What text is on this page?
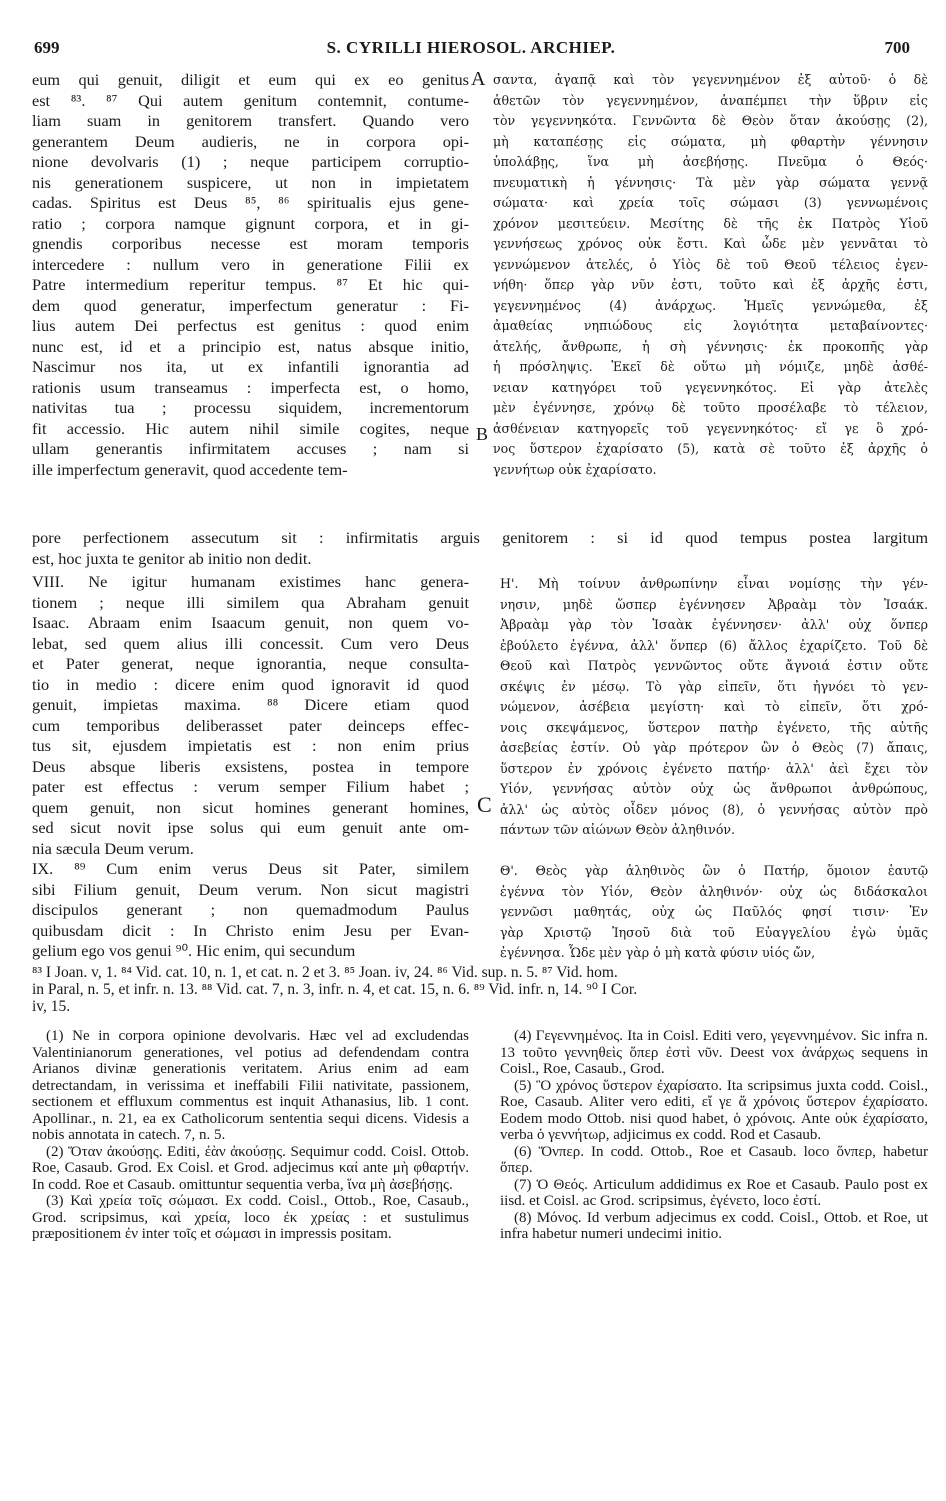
699	S. CYRILLI HIEROSOL. ARCHIEP.	700
eum qui genuit, diligit et eum qui ex eo genitus
est ⁸³. ⁸⁷ Qui autem genitum contemnit, contume-
liam suam in genitorem transfert. Quando vero
generantem Deum audieris, ne in corpora opi-
nione devolvaris (1) ; neque participem corruptio-
nis generationem suspicere, ut non in impietatem
cadas. Spiritus est Deus ⁸⁵, ⁸⁶ spiritualis ejus gene-
ratio ; corpora namque gignunt corpora, et in gi-
gnendis corporibus necesse est moram temporis
intercedere : nullum vero in generatione Filii ex
Patre intermedium reperitur tempus. ⁸⁷ Et hic qui-
dem quod generatur, imperfectum generatur : Fi-
lius autem Dei perfectus est genitus : quod enim
nunc est, id et a principio est, natus absque initio,
Nascimur nos ita, ut ex infantili ignorantia ad
rationis usum transeamus : imperfecta est, o homo,
nativitas tua ; processu siquidem, incrementorum
fit accessio. Hic autem nihil simile cogites, neque
ullam generantis infirmitatem accuses ; nam si
ille imperfectum generavit, quod accedente tem-
A σαντα, ἀγαπᾷ καὶ τὸν γεγεννημένον ἐξ αὐτοῦ· ὁ δὲ
ἀθετῶν τὸν γεγεννημένον, ἀναπέμπει τὴν ὕβριν εἰς
τὸν γεγεννηκότα. Γεννῶντα δὲ Θεὸν ὅταν ἀκούσῃς (2),
μὴ καταπέσῃς εἰς σώματα, μὴ φθαρτὴν γέννησιν
ὑπολάβῃς, ἵνα μὴ ἀσεβήσῃς. Πνεῦμα ὁ Θεός·
πνευματικὴ ἡ γέννησις· Τὰ μὲν γὰρ σώματα γεννᾷ
σώματα· καὶ χρεία τοῖς σώμασι (3) γεννωμένοις
χρόνον μεσιτεύειν. Μεσίτης δὲ τῆς ἐκ Πατρὸς Υἱοῦ
γεννήσεως χρόνος οὐκ ἔστι. Καὶ ὧδε μὲν γεννᾶται τὸ
γεννώμενον ἀτελές, ὁ Υἱὸς δὲ τοῦ Θεοῦ τέλειος ἐγεν-
νήθη· ὅπερ γὰρ νῦν ἐστι, τοῦτο καὶ ἐξ ἀρχῆς ἐστι,
γεγεννημένος (4) ἀνάρχως. Ἡμεῖς γεννώμεθα, ἐξ
ἀμαθείας νηπιώδους εἰς λογιότητα μεταβαίνοντες·
ἀτελής, ἄνθρωπε, ἡ σὴ γέννησις· ἐκ προκοπῆς γὰρ
ἡ πρόσληψις. Ἐκεῖ δὲ οὕτω μὴ νόμιζε, μηδὲ ἀσθέ-
νειαν κατηγόρει τοῦ γεγεννηκότος. Εἰ γὰρ ἀτελὲς
μὲν ἐγέννησε, χρόνῳ δὲ τοῦτο προσέλαβε τὸ τέλειον,
ἀσθένειαν κατηγορεῖς τοῦ γεγεννηκότος· εἴ γε ὃ χρό-
νος ὕστερον ἐχαρίσατο (5), κατὰ σὲ τοῦτο ἐξ ἀρχῆς ὁ
γεννήτωρ οὐκ ἐχαρίσατο.
B
pore perfectionem assecutum sit : infirmitatis arguis genitorem : si id quod tempus postea largitum
est, hoc juxta te genitor ab initio non dedit.
VIII. Ne igitur humanam existimes hanc genera-
tionem ; neque illi similem qua Abraham genuit
Isaac. Abraam enim Isaacum genuit, non quem vo-
lebat, sed quem alius illi concessit. Cum vero Deus
et Pater generat, neque ignorantia, neque consulta-
tio in medio : dicere enim quod ignoravit id quod
genuit, impietas maxima. ⁸⁸ Dicere etiam quod
cum temporibus deliberasset pater deinceps effec-
tus sit, ejusdem impietatis est : non enim prius
Deus absque liberis exsistens, postea in tempore
pater est effectus : verum semper Filium habet ;
quem genuit, non sicut homines generant homines,
sed sicut novit ipse solus qui eum genuit ante om-
nia sæcula Deum verum.
Η'. Μὴ τοίνυν ἀνθρωπίνην εἶναι νομίσῃς τὴν γέν-
νησιν, μηδὲ ὥσπερ ἐγέννησεν Ἀβραὰμ τὸν Ἰσαάκ.
Ἀβραὰμ γὰρ τὸν Ἰσαὰκ ἐγέννησεν· ἀλλ' οὐχ ὅνπερ
ἐβούλετο ἐγέννα, ἀλλ' ὅνπερ (6) ἄλλος ἐχαρίζετο. Τοῦ δὲ
Θεοῦ καὶ Πατρὸς γεννῶντος οὔτε ἄγνοιά ἐστιν οὔτε
σκέψις ἐν μέσῳ. Τὸ γὰρ εἰπεῖν, ὅτι ἠγνόει τὸ γεν-
νώμενον, ἀσέβεια μεγίστη· καὶ τὸ εἰπεῖν, ὅτι χρό-
νοις σκεψάμενος, ὕστερον πατὴρ ἐγένετο, τῆς αὐτῆς
ἀσεβείας ἐστίν. Οὐ γὰρ πρότερον ὢν ὁ Θεὸς (7) ἄπαις,
ὕστερον ἐν χρόνοις ἐγένετο πατήρ· ἀλλ' ἀεὶ ἔχει τὸν
Υἱόν, γεννήσας αὐτὸν οὐχ ὡς ἄνθρωποι ἀνθρώπους,
ἀλλ' ὡς αὐτὸς οἶδεν μόνος (8), ὁ γεννήσας αὐτὸν πρὸ
πάντων τῶν αἰώνων Θεὸν ἀληθινόν.
C
IX. ⁸⁹ Cum enim verus Deus sit Pater, similem
sibi Filium genuit, Deum verum. Non sicut magistri
discipulos generant ; non quemadmodum Paulus
quibusdam dicit : In Christo enim Jesu per Evan-
gelium ego vos genui ⁹⁰. Hic enim, qui secundum
Θ'. Θεὸς γὰρ ἀληθινὸς ὢν ὁ Πατήρ, ὅμοιον ἑαυτῷ
ἐγέννα τὸν Υἱόν, Θεὸν ἀληθινόν· οὐχ ὡς διδάσκαλοι
γεννῶσι μαθητάς, οὐχ ὡς Παῦλός φησί τισιν· Ἐν
γὰρ Χριστῷ Ἰησοῦ διὰ τοῦ Εὐαγγελίου ἐγὼ ὑμᾶς
ἐγέννησα. Ὧδε μὲν γὰρ ὁ μὴ κατὰ φύσιν υἱός ὤν,
⁸³ I Joan. v, 1. ⁸⁴ Vid. cat. 10, n. 1, et cat. n. 2 et 3. ⁸⁵ Joan. iv, 24. ⁸⁶ Vid. sup. n. 5. ⁸⁷ Vid. hom.
in Paral, n. 5, et infr. n. 13. ⁸⁸ Vid. cat. 7, n. 3, infr. n. 4, et cat. 15, n. 6. ⁸⁹ Vid. infr. n, 14. ⁹⁰ I Cor.
iv, 15.

(1) Ne in corpora opinione devolvaris. Hæc vel ad excludendas Valentinianorum generationes, vel potius ad defendendam contra Arianos divinæ generationis veritatem. Arius enim ad eam detrectandam, in verissima et ineffabili Filii nativitate, passionem, sectionem et effluxum commentus est inquit Athanasius, lib. 1 cont. Apollinar., n. 21, ea ex Catholicorum sententia sequi dicens. Videsis a nobis annotata in catech. 7, n. 5.

(2) Ὅταν ἀκούσῃς. Editi, ἐὰν ἀκούσῃς. Sequimur codd. Coisl. Ottob. Roe, Casaub. Grod. Ex Coisl. et Grod. adjecimus καί ante μὴ φθαρτήν. In codd. Roe et Casaub. omittuntur sequentia verba, ἵνα μὴ ἀσεβήσῃς.

(3) Καὶ χρεία τοῖς σώμασι. Ex codd. Coisl., Ottob., Roe, Casaub., Grod. scripsimus, καὶ χρεία, loco ἐκ χρείας : et sustulimus præpositionem ἐν inter τοῖς et σώμασι in impressis positam.

(4) Γεγεννημένος. Ita in Coisl. Editi vero, γεγεννημένον. Sic infra n. 13 τοῦτο γεννηθεὶς ὅπερ ἐστὶ νῦν. Deest vox ἀνάρχως sequens in Coisl., Roe, Casaub., Grod.

(5) Ὃ χρόνος ὕστερον ἐχαρίσατο. Ita scripsimus juxta codd. Coisl., Roe, Casaub. Aliter vero editi, εἴ γε ἅ χρόνοις ὕστερον ἐχαρίσατο. Eodem modo Ottob. nisi quod habet, ὁ χρόνοις. Ante οὐκ ἐχαρίσατο, verba ὁ γεννήτωρ, adjicimus ex codd. Rod et Casaub.

(6) Ὅνπερ. In codd. Ottob., Roe et Casaub. loco ὅνπερ, habetur ὅπερ.

(7) Ὁ Θεός. Articulum addidimus ex Roe et Casaub. Paulo post ex iisd. et Coisl. ac Grod. scripsimus, ἐγένετο, loco ἐστί.

(8) Μόνος. Id verbum adjecimus ex codd. Coisl., Ottob. et Roe, ut infra habetur numeri undecimi initio.
